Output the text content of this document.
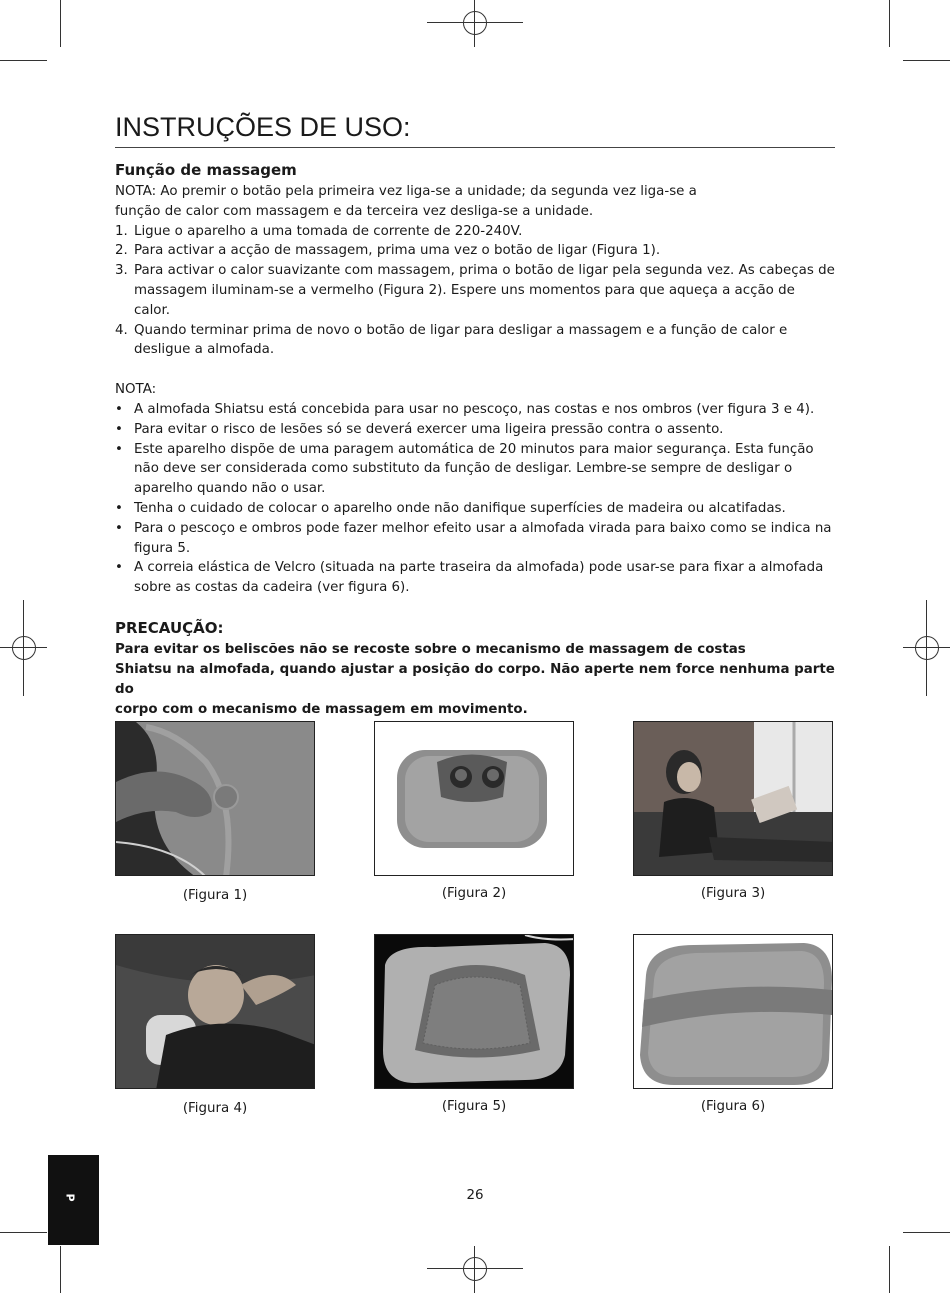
INSTRUÇÕES DE USO:
Função de massagem

NOTA: Ao premir o botão pela primeira vez liga-se a unidade; da segunda vez liga-se a

função de calor com massagem e da terceira vez desliga-se a unidade.

1. Ligue o aparelho a uma tomada de corrente de 220-240V.
2. Para activar a acção de massagem, prima uma vez o botão de ligar (Figura 1).
3. Para activar o calor suavizante com massagem, prima o botão de ligar pela segunda vez. As cabeças de massagem iluminam-se a vermelho (Figura 2). Espere uns momentos para que aqueça a acção de calor.
4. Quando terminar prima de novo o botão de ligar para desligar a massagem e a função de calor e desligue a almofada.

NOTA:

• A almofada Shiatsu está concebida para usar no pescoço, nas costas e nos ombros (ver figura 3 e 4).
• Para evitar o risco de lesões só se deverá exercer uma ligeira pressão contra o assento.
• Este aparelho dispõe de uma paragem automática de 20 minutos para maior segurança. Esta função não deve ser considerada como substituto da função de desligar. Lembre-se sempre de desligar o aparelho quando não o usar.
• Tenha o cuidado de colocar o aparelho onde não danifique superfícies de madeira ou alcatifadas.
• Para o pescoço e ombros pode fazer melhor efeito usar a almofada virada para baixo como se indica na figura 5.
• A correia elástica de Velcro (situada na parte traseira da almofada) pode usar-se para fixar a almofada sobre as costas da cadeira (ver figura 6).
PRECAUÇÃO:
Para evitar os beliscões não se recoste sobre o mecanismo de massagem de costas
Shiatsu na almofada, quando ajustar a posição do corpo. Não aperte nem force nenhuma parte do
corpo com o mecanismo de massagem em movimento.
(Figura 1)	(Figura 2)	(Figura 3)
(Figura 4)	(Figura 5)	(Figura 6)
P	26
